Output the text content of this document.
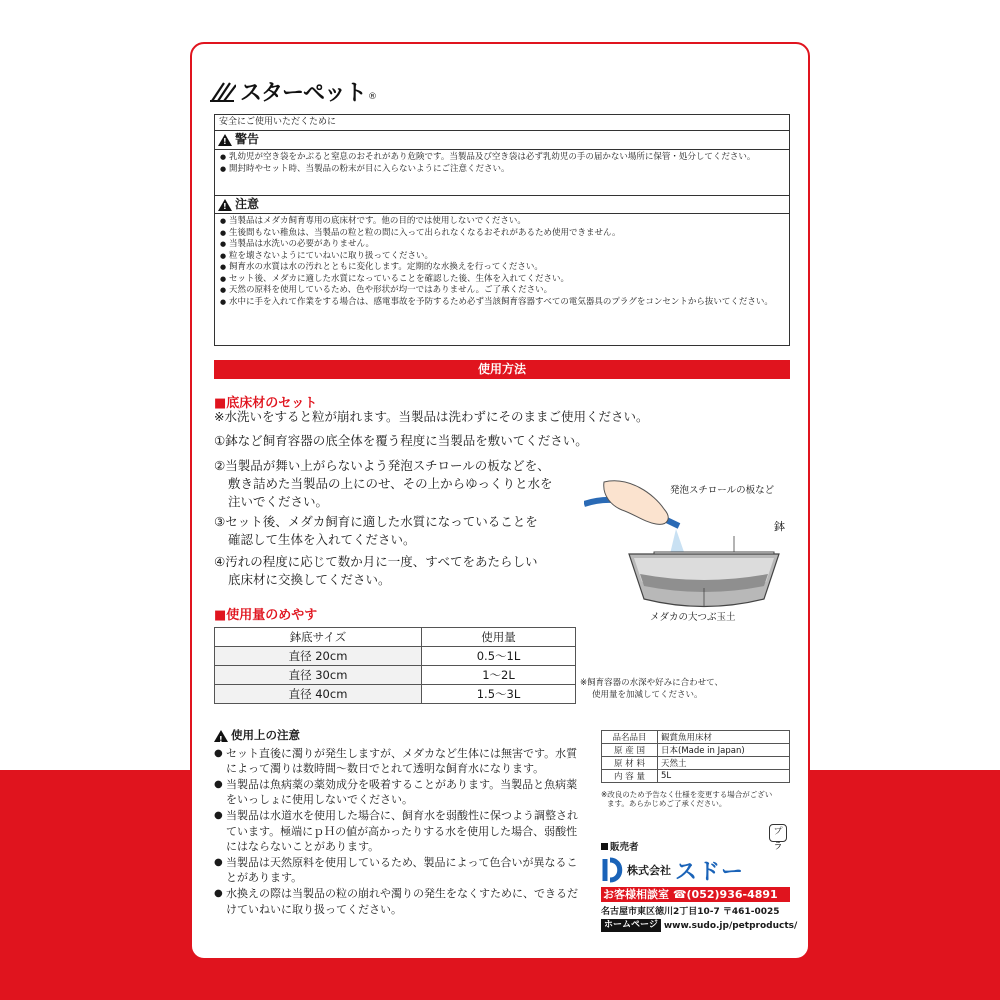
スターペット ®
安全にご使用いただくために
!
警告
● 乳幼児が空き袋をかぶると窒息のおそれがあり危険です。当製品及び空き袋は必ず乳幼児の手の届かない場所に保管・処分してください。
● 開封時やセット時、当製品の粉末が目に入らないようにご注意ください。
!
注意
● 当製品はメダカ飼育専用の底床材です。他の目的では使用しないでください。
● 生後間もない稚魚は、当製品の粒と粒の間に入って出られなくなるおそれがあるため使用できません。
● 当製品は水洗いの必要がありません。
● 粒を壊さないようにていねいに取り扱ってください。
● 飼育水の水質は水の汚れとともに変化します。定期的な水換えを行ってください。
● セット後、メダカに適した水質になっていることを確認した後、生体を入れてください。
● 天然の原料を使用しているため、色や形状が均一ではありません。ご了承ください。
● 水中に手を入れて作業をする場合は、感電事故を予防するため必ず当該飼育容器すべての電気器具のプラグをコンセントから抜いてください。
使用方法
■底床材のセット
※水洗いをすると粒が崩れます。当製品は洗わずにそのままご使用ください。
①鉢など飼育容器の底全体を覆う程度に当製品を敷いてください。
②当製品が舞い上がらないよう発泡スチロールの板などを、
敷き詰めた当製品の上にのせ、その上からゆっくりと水を
注いでください。
③セット後、メダカ飼育に適した水質になっていることを
確認して生体を入れてください。
④汚れの程度に応じて数か月に一度、すべてをあたらしい
底床材に交換してください。
発泡スチロールの板など
鉢
メダカの大つぶ玉土
■使用量のめやす
鉢底サイズ	使用量
直径 20cm	0.5〜1L
直径 30cm	1〜2L
直径 40cm	1.5〜3L
※飼育容器の水深や好みに合わせて、
使用量を加減してください。
!
使用上の注意
● セット直後に濁りが発生しますが、メダカなど生体には無害です。水質によって濁りは数時間〜数日でとれて透明な飼育水になります。
● 当製品は魚病薬の薬効成分を吸着することがあります。当製品と魚病薬をいっしょに使用しないでください。
● 当製品は水道水を使用した場合に、飼育水を弱酸性に保つよう調整されています。極端にｐＨの値が高かったりする水を使用した場合、弱酸性にはならないことがあります。
● 当製品は天然原料を使用しているため、製品によって色合いが異なることがあります。
● 水換えの際は当製品の粒の崩れや濁りの発生をなくすために、できるだけていねいに取り扱ってください。
品名品目	観賞魚用床材
原 産 国	日本(Made in Japan)
原 材 料	天然土
内 容 量	5L
※改良のため予告なく仕様を変更する場合がござい
ます。あらかじめご了承ください。
プラ
販売者
株式会社 スドー
お客様相談室 ☎(052)936-4891
名古屋市東区徳川2丁目10-7 〒461-0025
ホームページ www.sudo.jp/petproducts/
